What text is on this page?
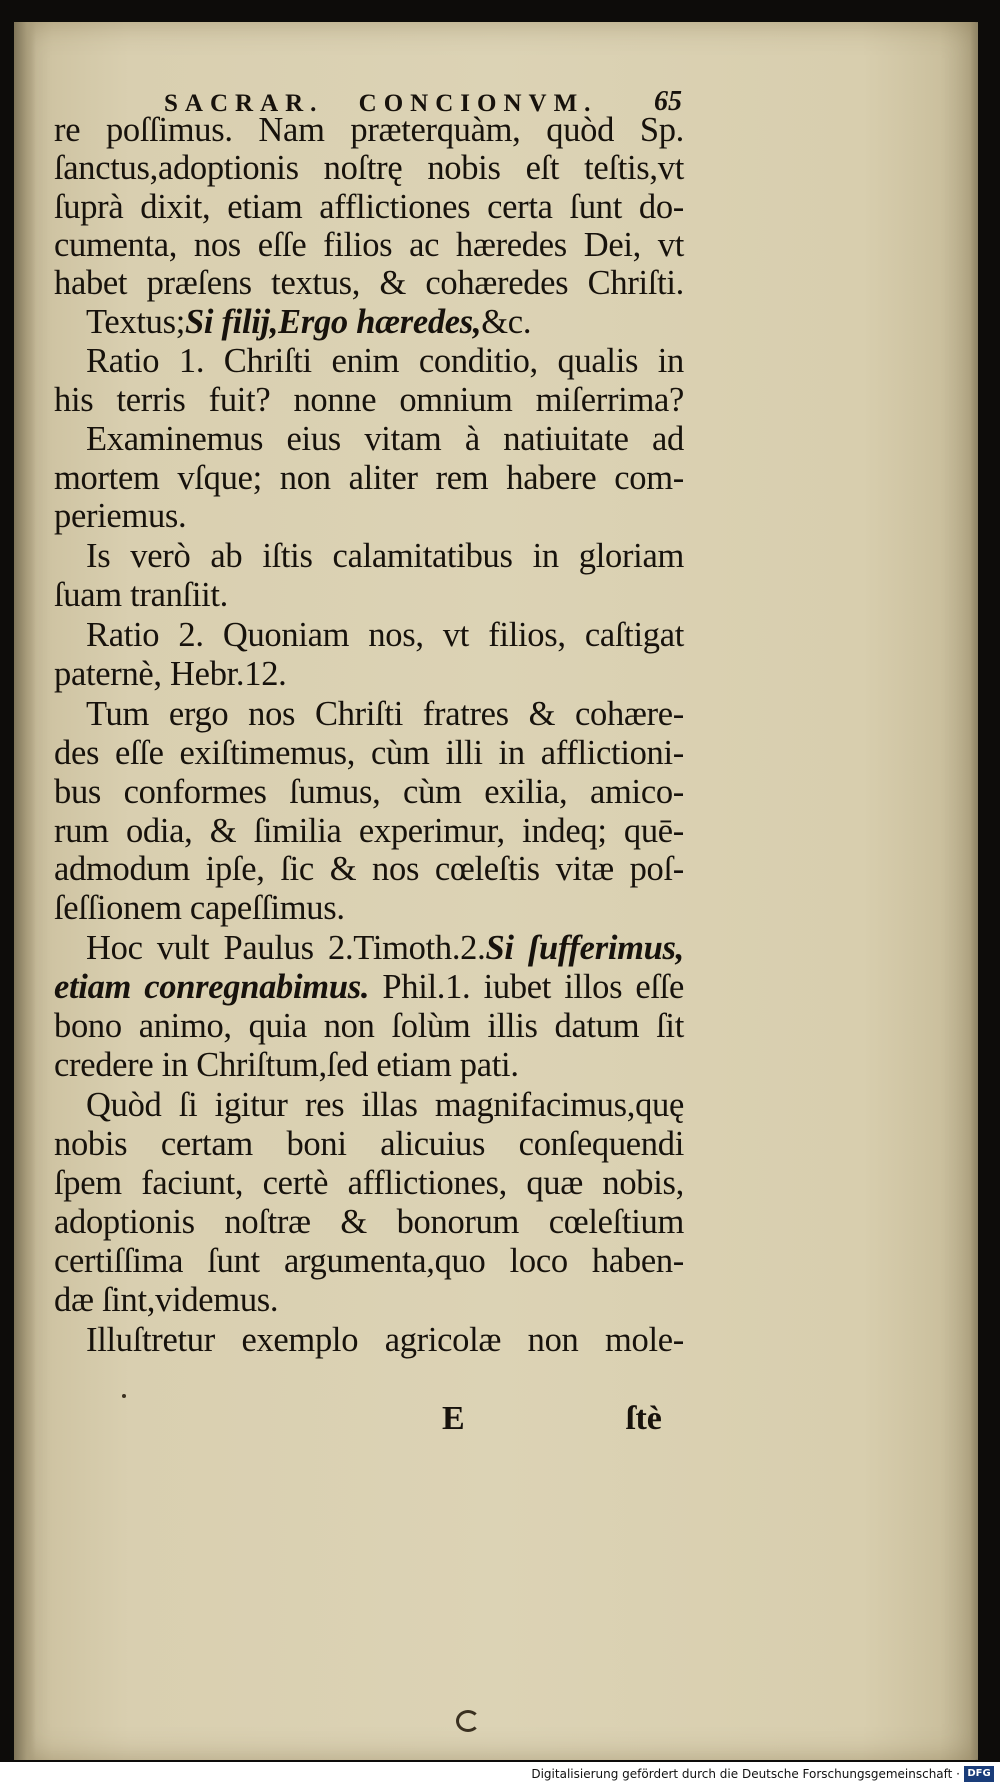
SACRAR. CONCIONVM.	65
re poſſimus. Nam præterquàm, quòd Sp.
ſanctus,adoptionis noſtrę nobis eſt teſtis,vt
ſuprà dixit, etiam afflictiones certa ſunt do-
cumenta, nos eſſe filios ac hæredes Dei, vt
habet præſens textus, & cohæredes Chriſti.
Textus;Si filij,Ergo hæredes,&c.
Ratio 1. Chriſti enim conditio, qualis in
his terris fuit? nonne omnium miſerrima?
Examinemus eius vitam à natiuitate ad
mortem vſque; non aliter rem habere com-
periemus.
Is verò ab iſtis calamitatibus in gloriam
ſuam tranſiit.
Ratio 2. Quoniam nos, vt filios, caſtigat
paternè, Hebr.12.
Tum ergo nos Chriſti fratres & cohære-
des eſſe exiſtimemus, cùm illi in afflictioni-
bus conformes ſumus, cùm exilia, amico-
rum odia, & ſimilia experimur, indeq; quē-
admodum ipſe, ſic & nos cœleſtis vitæ poſ-
ſeſſionem capeſſimus.
Hoc vult Paulus 2.Timoth.2.Si ſufferimus,
etiam conregnabimus. Phil.1. iubet illos eſſe
bono animo, quia non ſolùm illis datum ſit
credere in Chriſtum,ſed etiam pati.
Quòd ſi igitur res illas magnifacimus,quę
nobis certam boni alicuius conſequendi
ſpem faciunt, certè afflictiones, quæ nobis,
adoptionis noſtræ & bonorum cœleſtium
certiſſima ſunt argumenta,quo loco haben-
dæ ſint,videmus.
Illuſtretur exemplo agricolæ non mole-
E	ſtè
Digitalisierung gefördert durch die Deutsche Forschungsgemeinschaft · DFG
